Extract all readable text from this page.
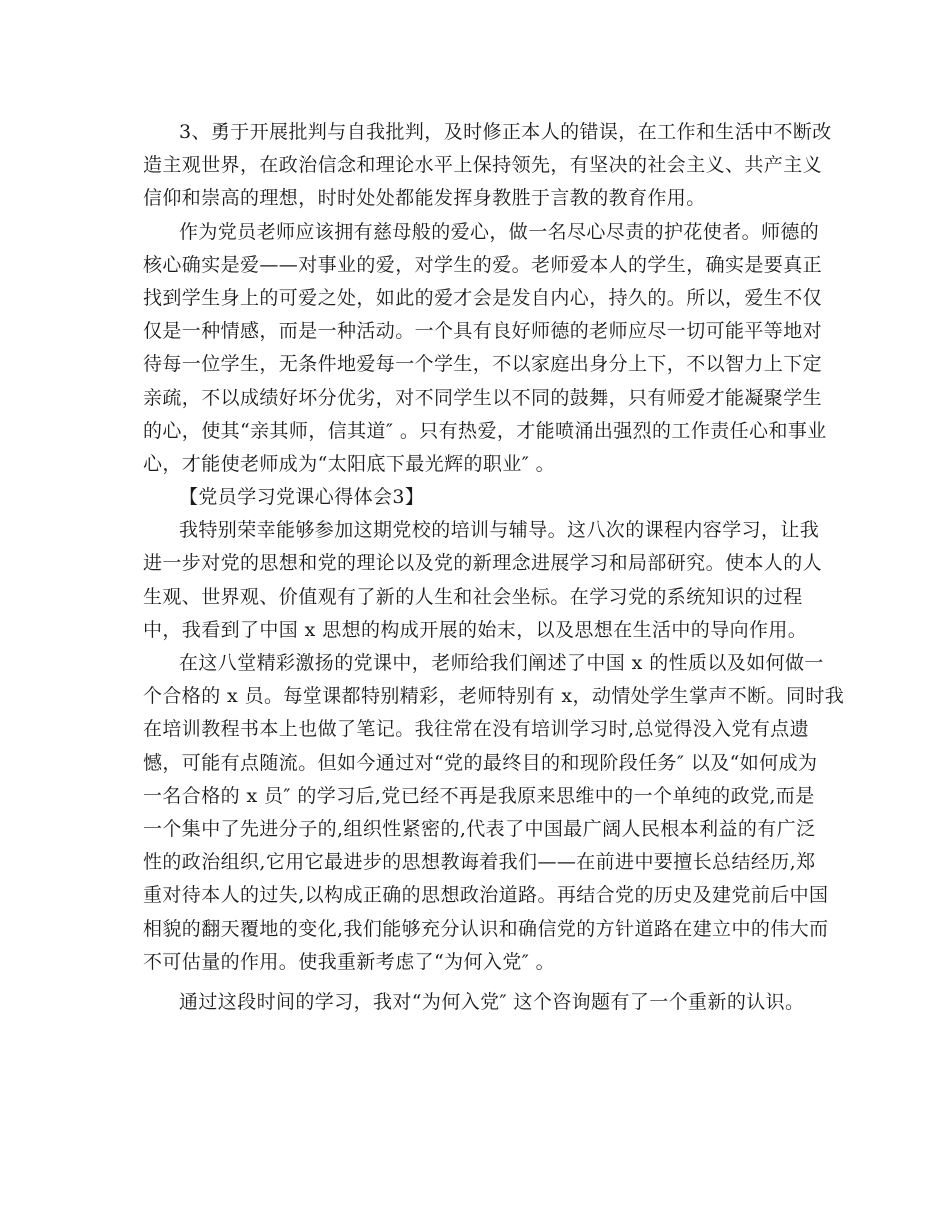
3、勇于开展批判与自我批判，及时修正本人的错误，在工作和生活中不断改
造主观世界，在政治信念和理论水平上保持领先，有坚决的社会主义、共产主义
信仰和崇高的理想，时时处处都能发挥身教胜于言教的教育作用。
作为党员老师应该拥有慈母般的爱心，做一名尽心尽责的护花使者。师德的
核心确实是爱——对事业的爱，对学生的爱。老师爱本人的学生，确实是要真正
找到学生身上的可爱之处，如此的爱才会是发自内心，持久的。所以，爱生不仅
仅是一种情感，而是一种活动。一个具有良好师德的老师应尽一切可能平等地对
待每一位学生，无条件地爱每一个学生，不以家庭出身分上下，不以智力上下定
亲疏，不以成绩好坏分优劣，对不同学生以不同的鼓舞，只有师爱才能凝聚学生
的心，使其“亲其师，信其道″ 。只有热爱，才能喷涌出强烈的工作责任心和事业
心，才能使老师成为“太阳底下最光辉的职业″ 。
【党员学习党课心得体会3】
我特别荣幸能够参加这期党校的培训与辅导。这八次的课程内容学习，让我
进一步对党的思想和党的理论以及党的新理念进展学习和局部研究。使本人的人
生观、世界观、价值观有了新的人生和社会坐标。在学习党的系统知识的过程
中，我看到了中国 x 思想的构成开展的始末，以及思想在生活中的导向作用。
在这八堂精彩激扬的党课中，老师给我们阐述了中国 x 的性质以及如何做一
个合格的 x 员。每堂课都特别精彩，老师特别有 x，动情处学生掌声不断。同时我
在培训教程书本上也做了笔记。我往常在没有培训学习时,总觉得没入党有点遗
憾，可能有点随流。但如今通过对“党的最终目的和现阶段任务″ 以及“如何成为
一名合格的 x 员″ 的学习后,党已经不再是我原来思维中的一个单纯的政党,而是
一个集中了先进分子的,组织性紧密的,代表了中国最广阔人民根本利益的有广泛
性的政治组织,它用它最进步的思想教诲着我们——在前进中要擅长总结经历,郑
重对待本人的过失,以构成正确的思想政治道路。再结合党的历史及建党前后中国
相貌的翻天覆地的变化,我们能够充分认识和确信党的方针道路在建立中的伟大而
不可估量的作用。使我重新考虑了“为何入党″ 。
通过这段时间的学习，我对“为何入党″ 这个咨询题有了一个重新的认识。
